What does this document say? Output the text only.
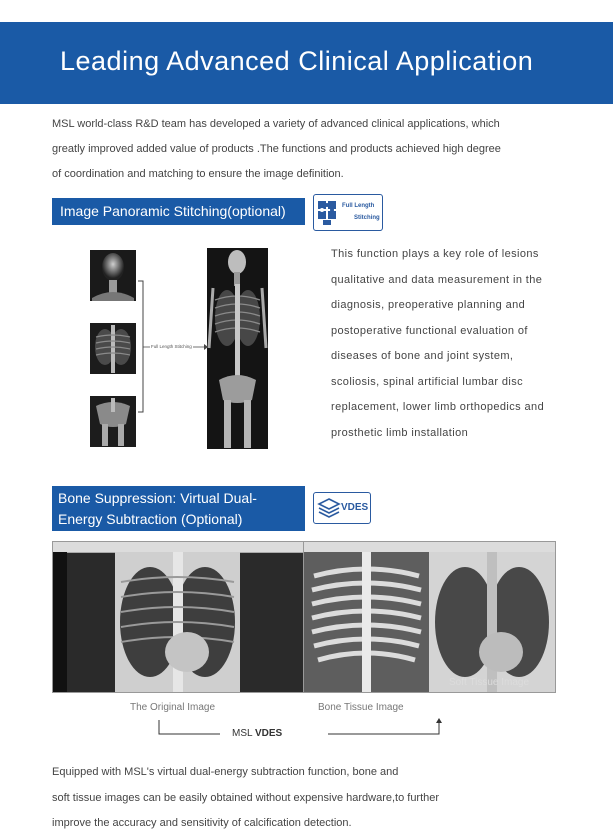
Leading Advanced Clinical Application

MSL world-class R&D team has developed a variety of advanced clinical applications, which

greatly improved added value of products .The functions and products achieved high degree

of coordination and matching to ensure the image definition.

Image Panoramic Stitching(optional)	Full Length
Stitching
Full Length Stitching

This function plays a key role of lesions

qualitative and data measurement in the

diagnosis, preoperative planning and

postoperative functional evaluation of

diseases of bone and joint system,

scoliosis, spinal artificial lumbar disc

replacement, lower limb orthopedics and

prosthetic limb installation

Bone Suppression: Virtual Dual-
Energy Subtraction (Optional)
VDES
Soft Tissue Image
The Original Image	Bone Tissue Image
MSL VDES

Equipped with MSL's virtual dual-energy subtraction function, bone and

soft tissue images can be easily obtained without expensive hardware,to further

improve the accuracy and sensitivity of calcification detection.
